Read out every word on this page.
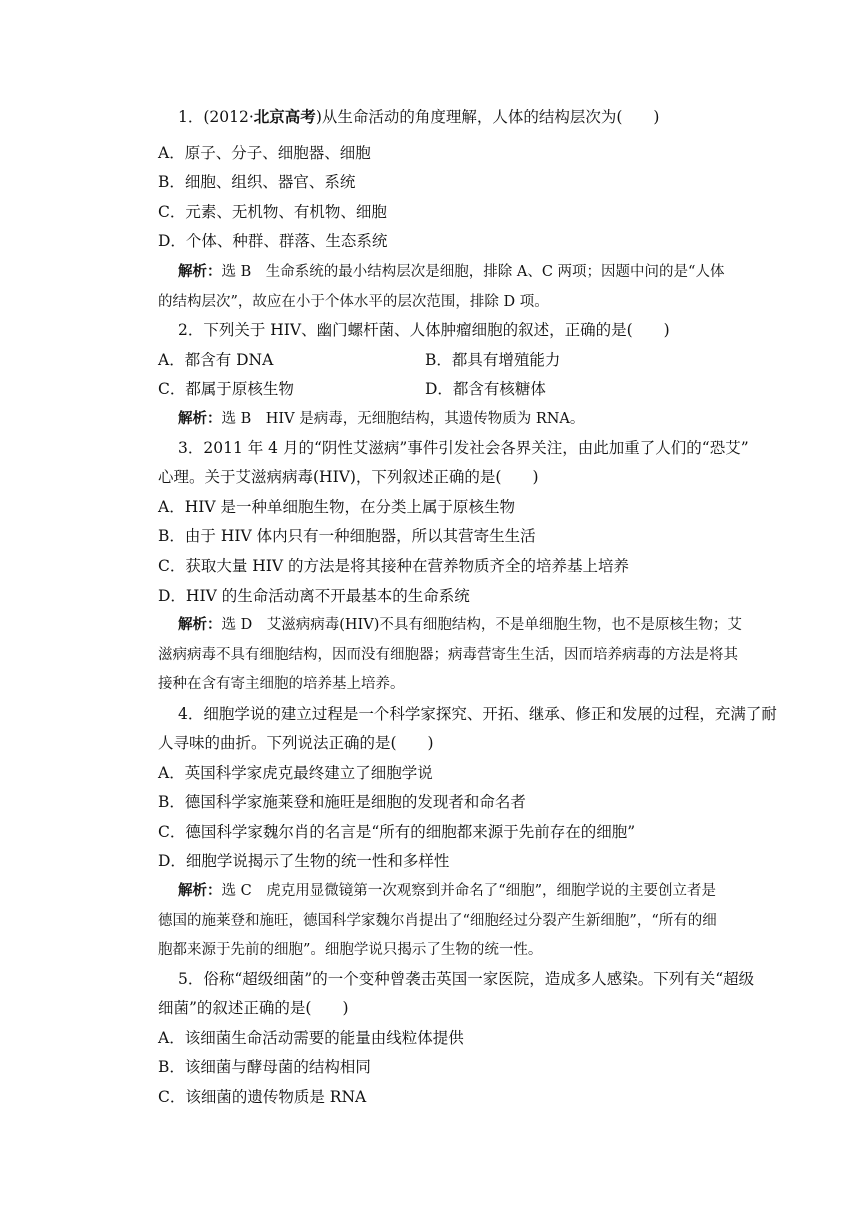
1．(2012·北京高考)从生命活动的角度理解，人体的结构层次为(　　)
A．原子、分子、细胞器、细胞
B．细胞、组织、器官、系统
C．元素、无机物、有机物、细胞
D．个体、种群、群落、生态系统
解析：选 B　生命系统的最小结构层次是细胞，排除 A、C 两项；因题中问的是“人体
的结构层次”，故应在小于个体水平的层次范围，排除 D 项。
2．下列关于 HIV、幽门螺杆菌、人体肿瘤细胞的叙述，正确的是(　　)
A．都含有 DNA	B．都具有增殖能力
C．都属于原核生物	D．都含有核糖体
解析：选 B　HIV 是病毒，无细胞结构，其遗传物质为 RNA。
3．2011 年 4 月的“阴性艾滋病”事件引发社会各界关注，由此加重了人们的“恐艾”
心理。关于艾滋病病毒(HIV)，下列叙述正确的是(　　)
A．HIV 是一种单细胞生物，在分类上属于原核生物
B．由于 HIV 体内只有一种细胞器，所以其营寄生生活
C．获取大量 HIV 的方法是将其接种在营养物质齐全的培养基上培养
D．HIV 的生命活动离不开最基本的生命系统
解析：选 D　艾滋病病毒(HIV)不具有细胞结构，不是单细胞生物，也不是原核生物；艾
滋病病毒不具有细胞结构，因而没有细胞器；病毒营寄生生活，因而培养病毒的方法是将其
接种在含有寄主细胞的培养基上培养。
4．细胞学说的建立过程是一个科学家探究、开拓、继承、修正和发展的过程，充满了耐
人寻味的曲折。下列说法正确的是(　　)
A．英国科学家虎克最终建立了细胞学说
B．德国科学家施莱登和施旺是细胞的发现者和命名者
C．德国科学家魏尔肖的名言是“所有的细胞都来源于先前存在的细胞”
D．细胞学说揭示了生物的统一性和多样性
解析：选 C　虎克用显微镜第一次观察到并命名了“细胞”，细胞学说的主要创立者是
德国的施莱登和施旺，德国科学家魏尔肖提出了“细胞经过分裂产生新细胞”，“所有的细
胞都来源于先前的细胞”。细胞学说只揭示了生物的统一性。
5．俗称“超级细菌”的一个变种曾袭击英国一家医院，造成多人感染。下列有关“超级
细菌”的叙述正确的是(　　)
A．该细菌生命活动需要的能量由线粒体提供
B．该细菌与酵母菌的结构相同
C．该细菌的遗传物质是 RNA
